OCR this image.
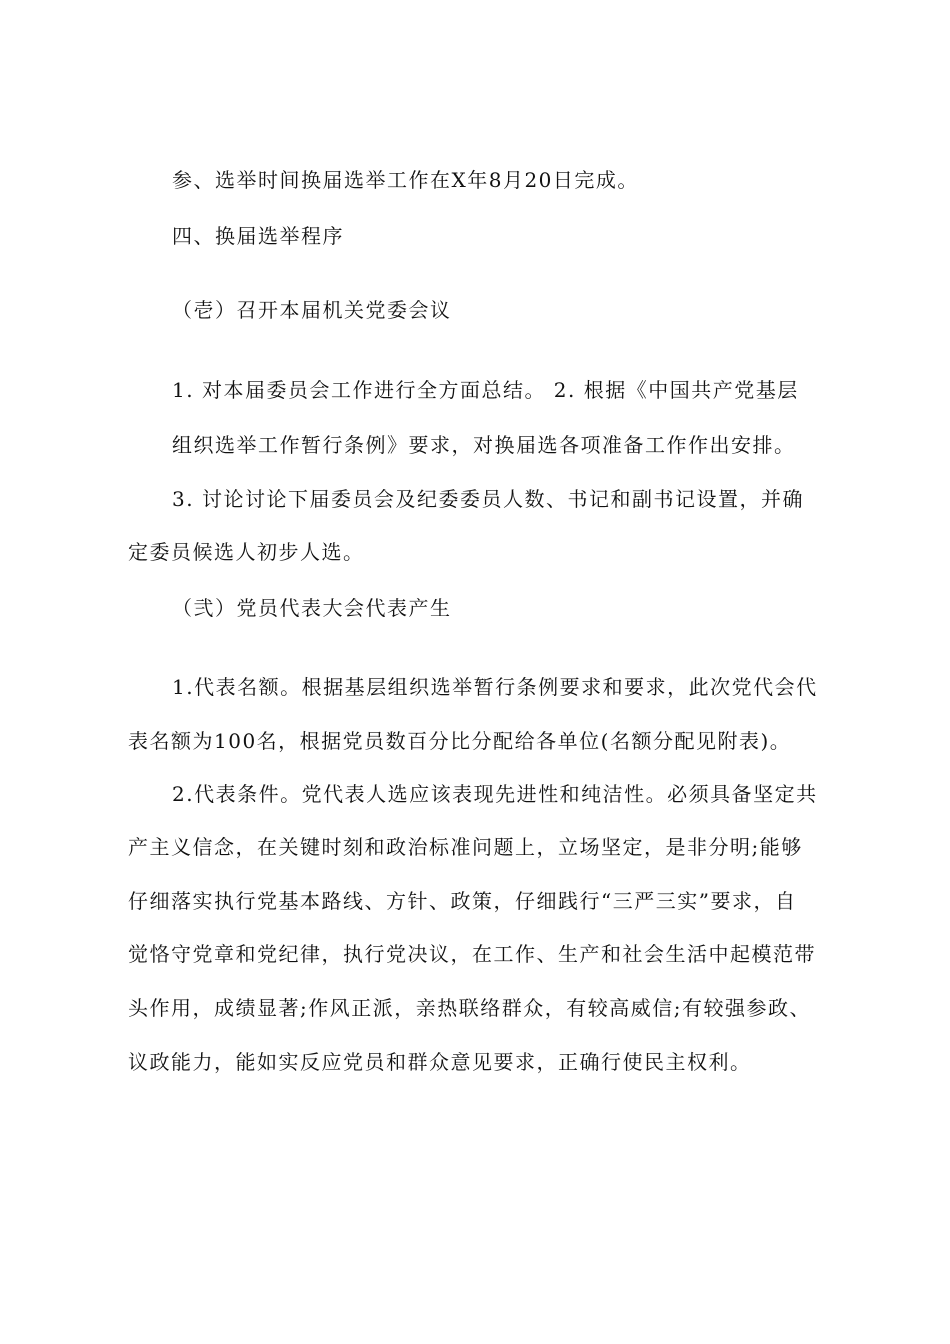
参、选举时间换届选举工作在X年8月20日完成。
四、换届选举程序
（壱）召开本届机关党委会议
1. 对本届委员会工作进行全方面总结。 2. 根据《中国共产党基层
组织选举工作暂行条例》要求，对换届选各项准备工作作出安排。
3. 讨论讨论下届委员会及纪委委员人数、书记和副书记设置，并确
定委员候选人初步人选。
（弐）党员代表大会代表产生
1.代表名额。根据基层组织选举暂行条例要求和要求，此次党代会代
表名额为100名，根据党员数百分比分配给各单位(名额分配见附表)。
2.代表条件。党代表人选应该表现先进性和纯洁性。必须具备坚定共
产主义信念，在关键时刻和政治标准问题上，立场坚定，是非分明;能够
仔细落实执行党基本路线、方针、政策，仔细践行“三严三实”要求，自
觉恪守党章和党纪律，执行党决议，在工作、生产和社会生活中起模范带
头作用，成绩显著;作风正派，亲热联络群众，有较高威信;有较强参政、
议政能力，能如实反应党员和群众意见要求，正确行使民主权利。
